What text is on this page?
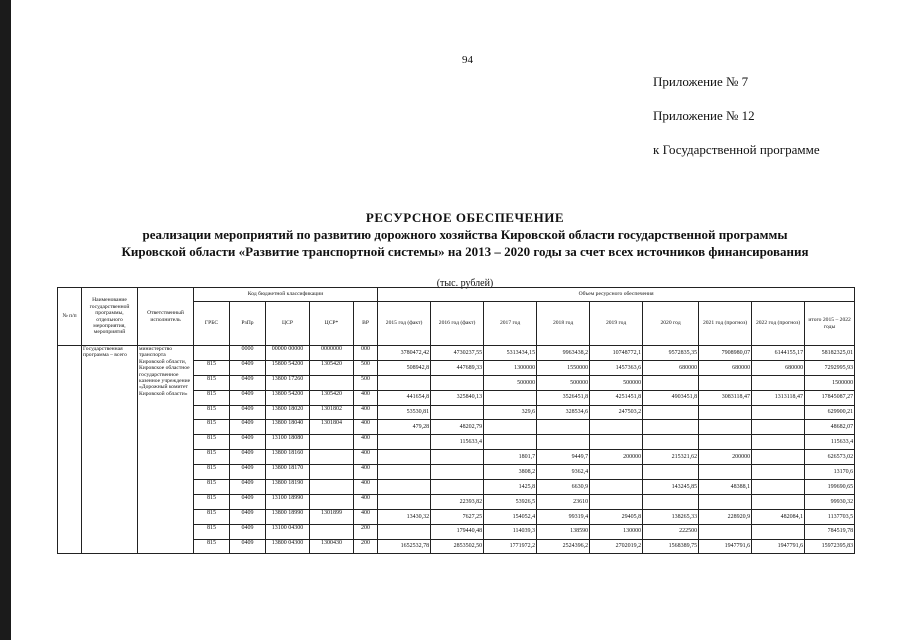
94
Приложение № 7
Приложение № 12
к Государственной программе
РЕСУРСНОЕ ОБЕСПЕЧЕНИЕ
реализации мероприятий по развитию дорожного хозяйства Кировской области государственной программы
Кировской области «Развитие транспортной системы» на 2013 – 2020 годы за счет всех источников финансирования
(тыс. рублей)
№ п/п	Наименование государственной программы, отдельного мероприятия, мероприятий	Ответственный исполнитель	Код бюджетной классификации					Объем ресурсного обеспечения								
			ГРБС	РзПр	ЦСР	ЦСР*	ВР	2015 год (факт)	2016 год (факт)	2017 год	2018 год	2019 год	2020 год	2021 год (прогноз)	2022 год (прогноз)	итого 2015 – 2022 годы
	Государственная программа – всего	министерство транспорта Кировской области, Кировское областное государственное казенное учреждение «Дорожный комитет Кировской области»		0000	00000 00000	0000000	000	3780472,42	4730237,55	5313434,15	9963438,2	10748772,1	9572835,35	7908980,07	6144155,17	58182325,01
			815	0409	15800 54200	1305420	500	508942,8	447689,33	1300000	1550000	1457363,6	680000	680000	680000	7292995,93
			815	0409	13800 17260		500			500000	500000	500000				1500000
			815	0409	13800 54200	1305420	400	441654,8	325840,13		3526451,8	4251451,8	4903451,8	3083118,47	1313118,47	17845087,27
			815	0409	13800 18020	1301802	400	53530,81		329,6	328534,6	247503,2				629900,21
			815	0409	13800 18040	1301804	400	479,28	48202,79							48682,07
			815	0409	13100 18080		400		115633,4							115633,4
			815	0409	13800 18160		400			1801,7	9449,7	200000	215321,62	200000		626573,02
			815	0409	13800 18170		400			3808,2	9362,4					13170,6
			815	0409	13800 18190		400			1425,8	6630,9		143245,85	48388,1		199690,65
			815	0409	13100 18990		400		22393,82	53926,5	23610					99930,32
			815	0409	13800 18990	1301899	400	13430,32	7627,25	154052,4	99319,4	29405,8	138265,33	228920,9	482084,1	1137703,5
			815	0409	13100 04300		200		179440,48	114039,3	138590	130000	222500			784519,78
			815	0409	13800 04300	1300430	200	1652532,78	2853502,50	1771972,2	2524396,2	2702019,2	1568389,75	1947791,6	1947791,6	15972395,83
